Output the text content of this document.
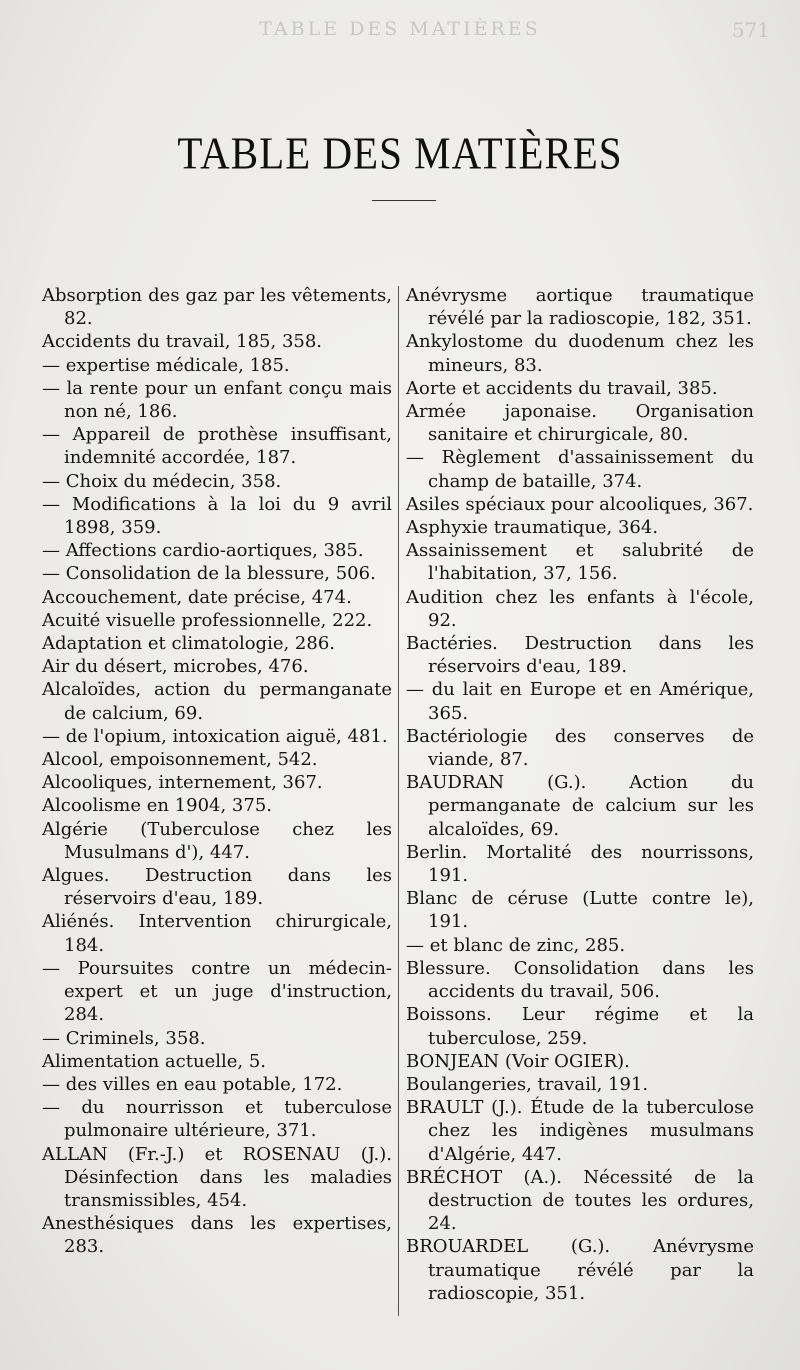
TABLE DES MATIÈRES	571
TABLE DES MATIÈRES
Absorption des gaz par les vêtements, 82.
Accidents du travail, 185, 358.
— expertise médicale, 185.
— la rente pour un enfant conçu mais non né, 186.
— Appareil de prothèse insuffisant, indemnité accordée, 187.
— Choix du médecin, 358.
— Modifications à la loi du 9 avril 1898, 359.
— Affections cardio-aortiques, 385.
— Consolidation de la blessure, 506.
Accouchement, date précise, 474.
Acuité visuelle professionnelle, 222.
Adaptation et climatologie, 286.
Air du désert, microbes, 476.
Alcaloïdes, action du permanganate de calcium, 69.
— de l'opium, intoxication aiguë, 481.
Alcool, empoisonnement, 542.
Alcooliques, internement, 367.
Alcoolisme en 1904, 375.
Algérie (Tuberculose chez les Musulmans d'), 447.
Algues. Destruction dans les réservoirs d'eau, 189.
Aliénés. Intervention chirurgicale, 184.
— Poursuites contre un médecin-expert et un juge d'instruction, 284.
— Criminels, 358.
Alimentation actuelle, 5.
— des villes en eau potable, 172.
— du nourrisson et tuberculose pulmonaire ultérieure, 371.
ALLAN (Fr.-J.) et ROSENAU (J.). Désinfection dans les maladies transmissibles, 454.
Anesthésiques dans les expertises, 283.
Anévrysme aortique traumatique révélé par la radioscopie, 182, 351.
Ankylostome du duodenum chez les mineurs, 83.
Aorte et accidents du travail, 385.
Armée japonaise. Organisation sanitaire et chirurgicale, 80.
— Règlement d'assainissement du champ de bataille, 374.
Asiles spéciaux pour alcooliques, 367.
Asphyxie traumatique, 364.
Assainissement et salubrité de l'habitation, 37, 156.
Audition chez les enfants à l'école, 92.
Bactéries. Destruction dans les réservoirs d'eau, 189.
— du lait en Europe et en Amérique, 365.
Bactériologie des conserves de viande, 87.
BAUDRAN (G.). Action du permanganate de calcium sur les alcaloïdes, 69.
Berlin. Mortalité des nourrissons, 191.
Blanc de céruse (Lutte contre le), 191.
— et blanc de zinc, 285.
Blessure. Consolidation dans les accidents du travail, 506.
Boissons. Leur régime et la tuberculose, 259.
BONJEAN (Voir OGIER).
Boulangeries, travail, 191.
BRAULT (J.). Étude de la tuberculose chez les indigènes musulmans d'Algérie, 447.
BRÉCHOT (A.). Nécessité de la destruction de toutes les ordures, 24.
BROUARDEL (G.). Anévrysme traumatique révélé par la radioscopie, 351.
